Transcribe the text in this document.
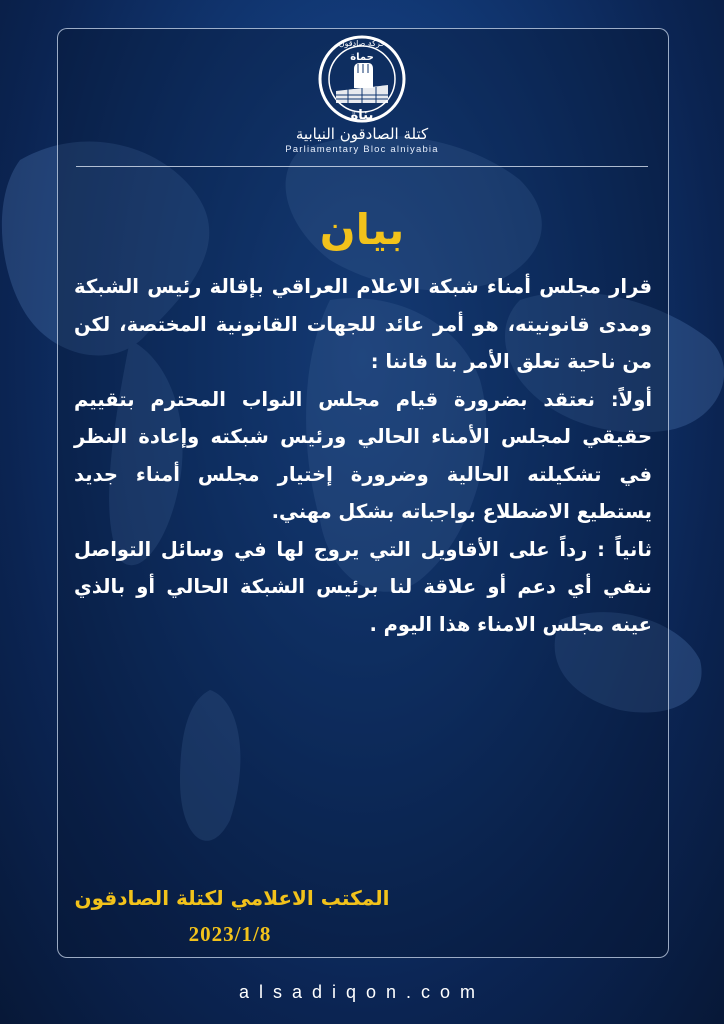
حركة صادقون
حماة
بناة
كتلة الصادقون النيابية
Parliamentary Bloc alniyabia
بيان

قرار مجلس أمناء شبكة الاعلام العراقي بإقالة رئيس الشبكة ومدى قانونيته، هو أمر عائد للجهات القانونية المختصة، لكن من ناحية تعلق الأمر بنا فاننا :

أولاً: نعتقد بضرورة قيام مجلس النواب المحترم بتقييم حقيقي لمجلس الأمناء الحالي ورئيس شبكته وإعادة النظر في تشكيلته الحالية وضرورة إختيار مجلس أمناء جديد يستطيع الاضطلاع بواجباته بشكل مهني.

ثانياً : رداً على الأقاويل التي يروج لها في وسائل التواصل ننفي أي دعم أو علاقة لنا برئيس الشبكة الحالي أو بالذي عينه مجلس الامناء هذا اليوم .

المكتب الاعلامي لكتلة الصادقون
2023/1/8
alsadiqon.com
